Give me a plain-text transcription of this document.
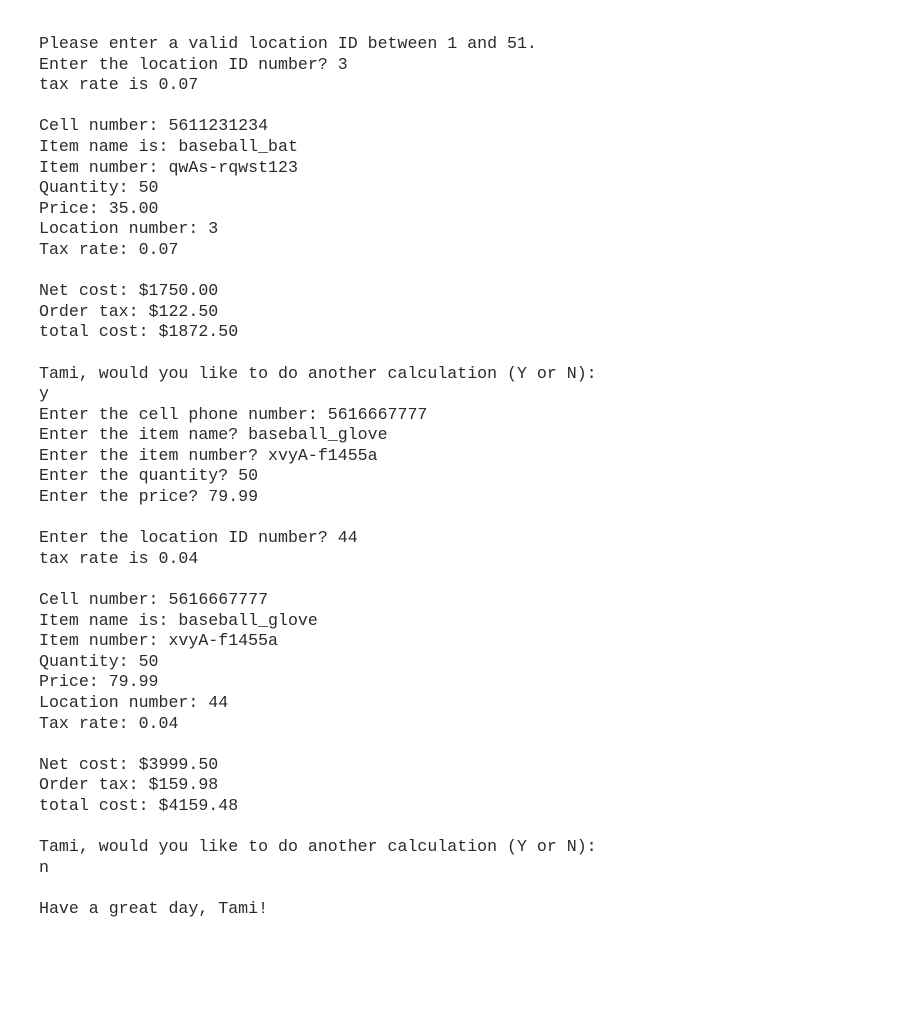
Please enter a valid location ID between 1 and 51.
Enter the location ID number? 3
tax rate is 0.07
Cell number: 5611231234
Item name is: baseball_bat
Item number: qwAs-rqwst123
Quantity: 50
Price: 35.00
Location number: 3
Tax rate: 0.07
Net cost: $1750.00
Order tax: $122.50
total cost: $1872.50
Tami, would you like to do another calculation (Y or N):
y
Enter the cell phone number: 5616667777
Enter the item name? baseball_glove
Enter the item number? xvyA-f1455a
Enter the quantity? 50
Enter the price? 79.99
Enter the location ID number? 44
tax rate is 0.04
Cell number: 5616667777
Item name is: baseball_glove
Item number: xvyA-f1455a
Quantity: 50
Price: 79.99
Location number: 44
Tax rate: 0.04
Net cost: $3999.50
Order tax: $159.98
total cost: $4159.48
Tami, would you like to do another calculation (Y or N):
n
Have a great day, Tami!
